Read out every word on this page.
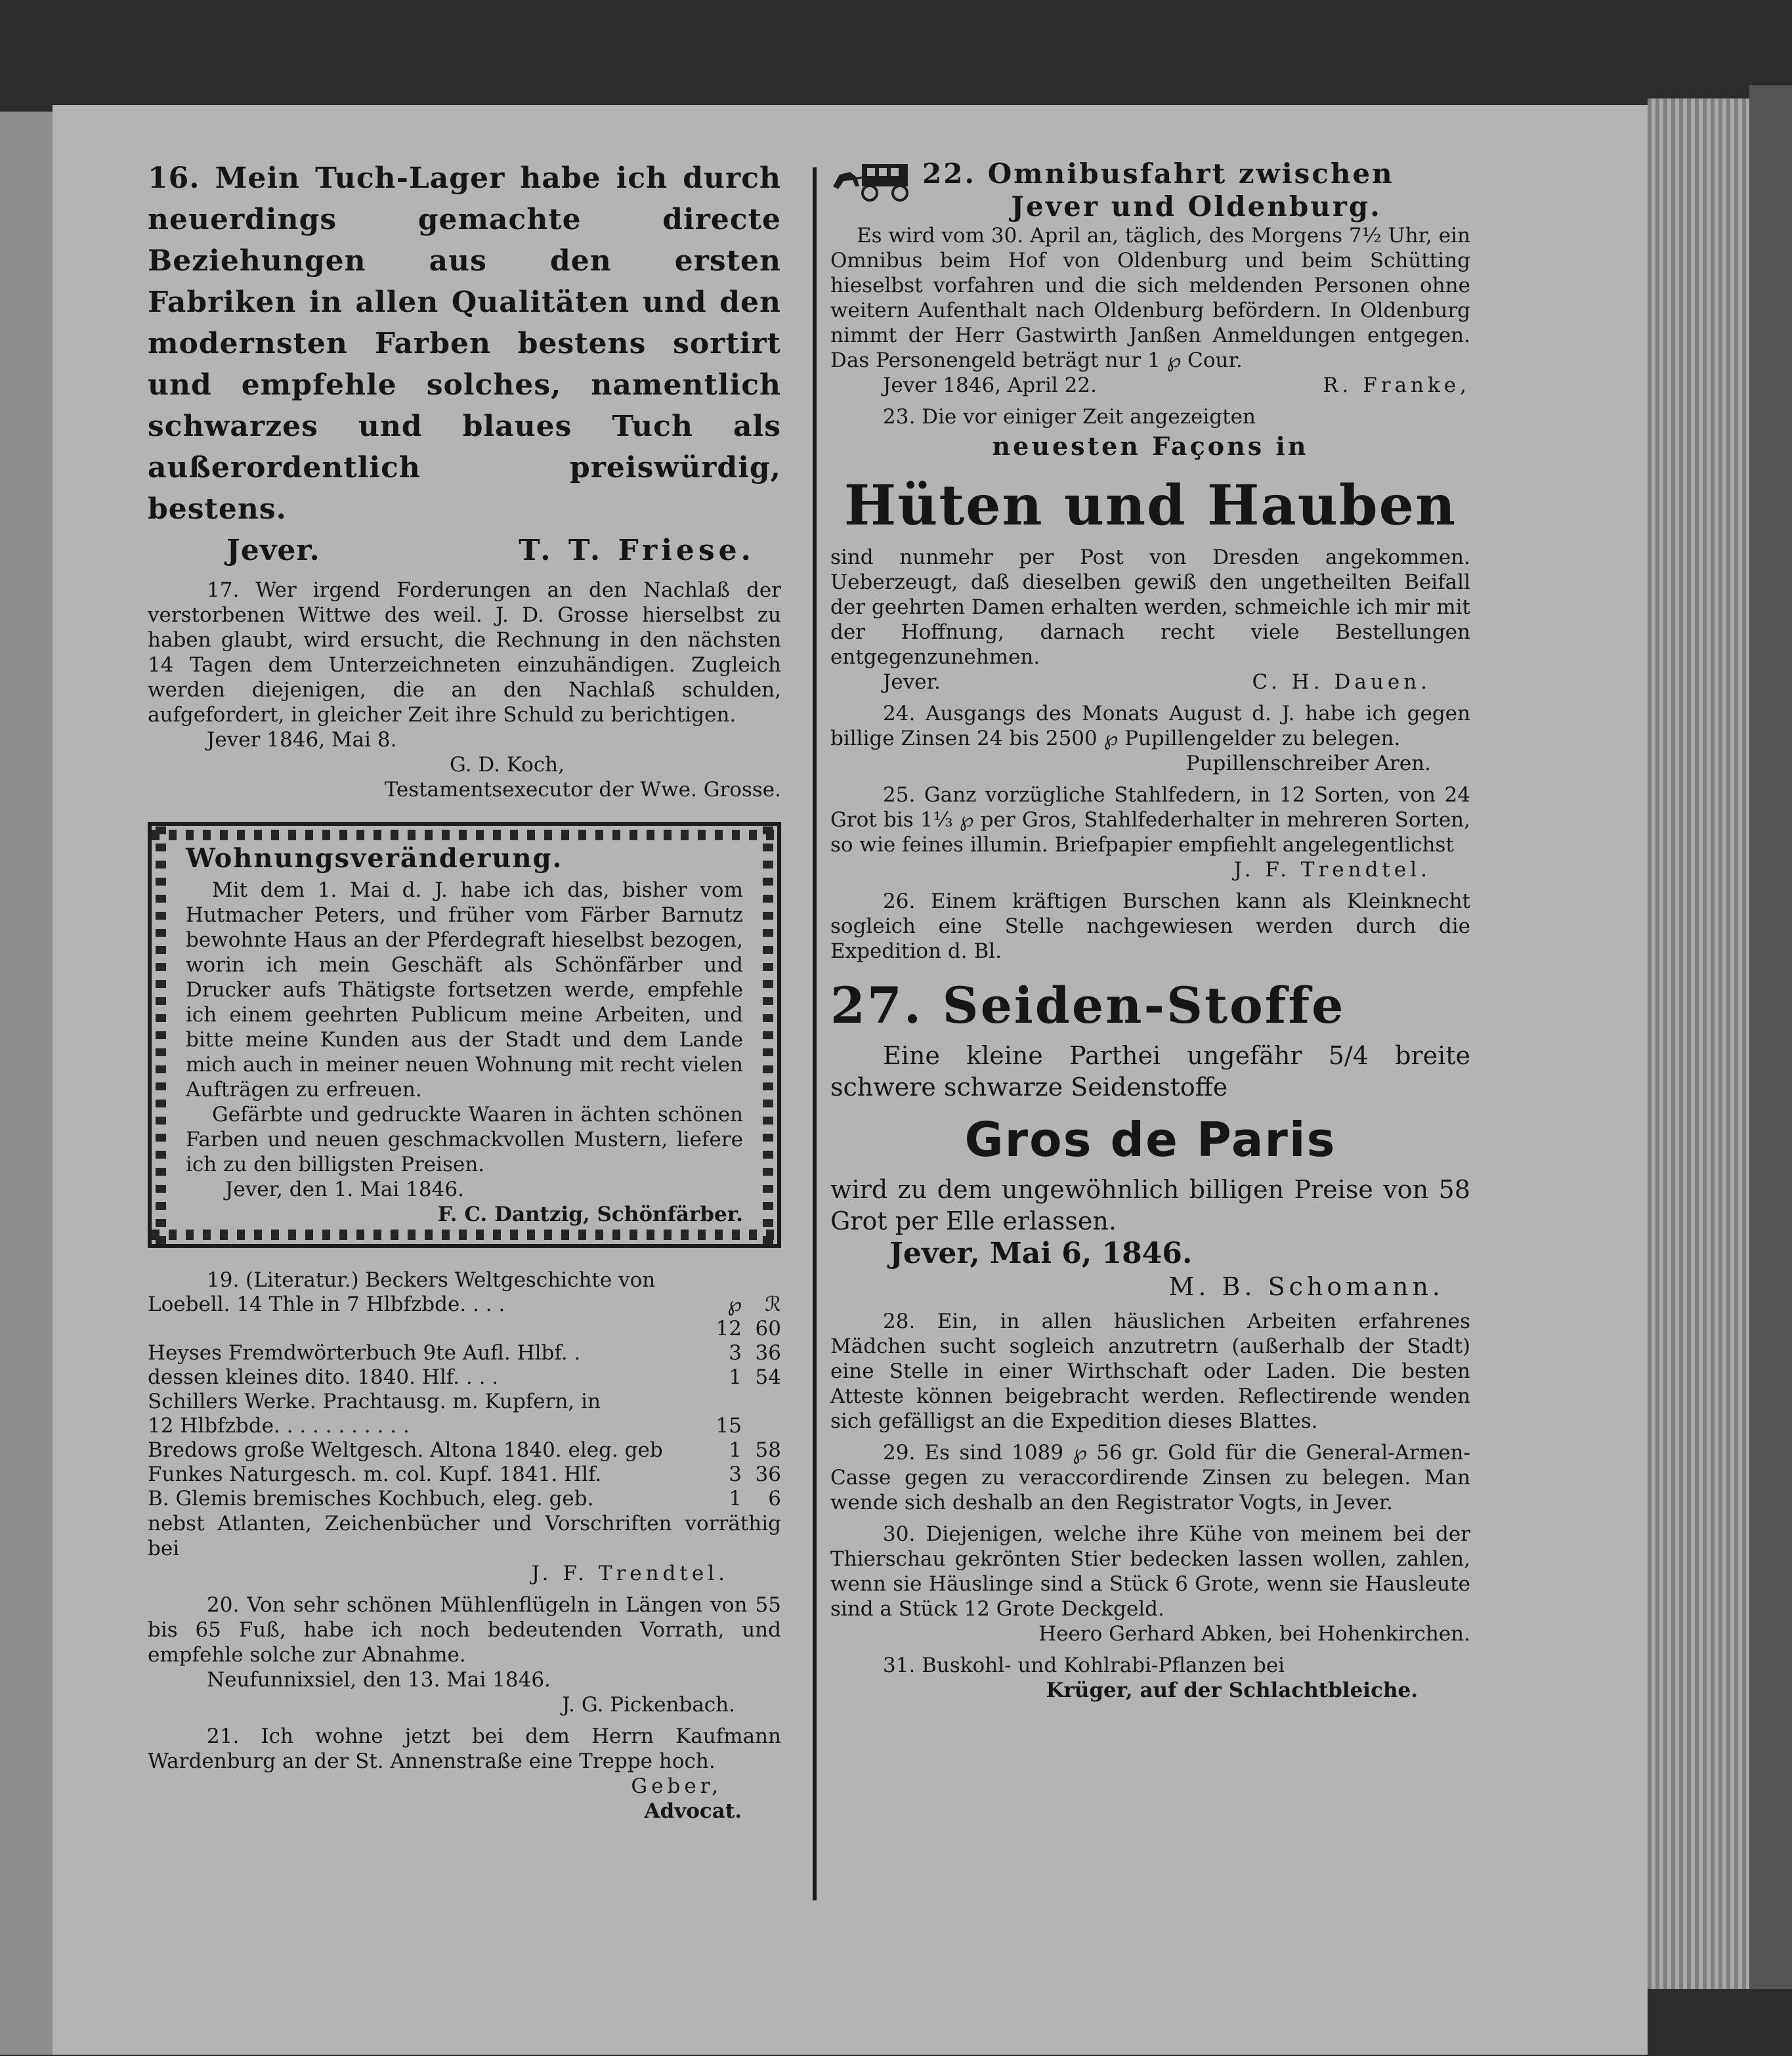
16. Mein Tuch-Lager habe ich durch neuerdings gemachte directe Beziehungen aus den ersten Fabriken in allen Qualitäten und den modernsten Farben bestens sortirt und empfehle solches, namentlich schwarzes und blaues Tuch als außerordentlich preiswürdig, bestens.

Jever.	T. T. Friese.

17. Wer irgend Forderungen an den Nachlaß der verstorbenen Wittwe des weil. J. D. Grosse hierselbst zu haben glaubt, wird ersucht, die Rechnung in den nächsten 14 Tagen dem Unterzeichneten einzuhändigen. Zugleich werden diejenigen, die an den Nachlaß schulden, aufgefordert, in gleicher Zeit ihre Schuld zu berichtigen.

Jever 1846, Mai 8.

G. D. Koch,

Testamentsexecutor der Wwe. Grosse.

Wohnungsveränderung.

Mit dem 1. Mai d. J. habe ich das, bisher vom Hutmacher Peters, und früher vom Färber Barnutz bewohnte Haus an der Pferdegraft hieselbst bezogen, worin ich mein Geschäft als Schönfärber und Drucker aufs Thätigste fortsetzen werde, empfehle ich einem geehrten Publicum meine Arbeiten, und bitte meine Kunden aus der Stadt und dem Lande mich auch in meiner neuen Wohnung mit recht vielen Aufträgen zu erfreuen.

Gefärbte und gedruckte Waaren in ächten schönen Farben und neuen geschmackvollen Mustern, liefere ich zu den billigsten Preisen.

Jever, den 1. Mai 1846.

F. C. Dantzig, Schönfärber.

19. (Literatur.) Beckers Weltgeschichte von

Loebell. 14 Thle in 7 Hlbfzbde. . . .	℘ 12	ℛ 60
Heyses Fremdwörterbuch 9te Aufl. Hlbf. .	3	36
dessen kleines dito. 1840. Hlf. . . .	1	54
Schillers Werke. Prachtausg. m. Kupfern, in		
12 Hlbfzbde. . . . . . . . . . .	15	
Bredows große Weltgesch. Altona 1840. eleg. geb	1	58
Funkes Naturgesch. m. col. Kupf. 1841. Hlf.	3	36
B. Glemis bremisches Kochbuch, eleg. geb.	1	6

nebst Atlanten, Zeichenbücher und Vorschriften vorräthig bei

J. F. Trendtel.

20. Von sehr schönen Mühlenflügeln in Längen von 55 bis 65 Fuß, habe ich noch bedeutenden Vorrath, und empfehle solche zur Abnahme.

Neufunnixsiel, den 13. Mai 1846.

J. G. Pickenbach.

21. Ich wohne jetzt bei dem Herrn Kaufmann Wardenburg an der St. Annenstraße eine Treppe hoch.

Geber,

Advocat.

22. Omnibusfahrt zwischen
Jever und Oldenburg.

Es wird vom 30. April an, täglich, des Morgens 7½ Uhr, ein Omnibus beim Hof von Oldenburg und beim Schütting hieselbst vorfahren und die sich meldenden Personen ohne weitern Aufenthalt nach Oldenburg befördern. In Oldenburg nimmt der Herr Gastwirth Janßen Anmeldungen entgegen. Das Personengeld beträgt nur 1 ℘ Cour.

Jever 1846, April 22.	R. Franke,

23. Die vor einiger Zeit angezeigten

neuesten Façons in
Hüten und Hauben

sind nunmehr per Post von Dresden angekommen. Ueberzeugt, daß dieselben gewiß den ungetheilten Beifall der geehrten Damen erhalten werden, schmeichle ich mir mit der Hoffnung, darnach recht viele Bestellungen entgegenzunehmen.

Jever.	C. H. Dauen.

24. Ausgangs des Monats August d. J. habe ich gegen billige Zinsen 24 bis 2500 ℘ Pupillengelder zu belegen.

Pupillenschreiber Aren.

25. Ganz vorzügliche Stahlfedern, in 12 Sorten, von 24 Grot bis 1⅓ ℘ per Gros, Stahlfederhalter in mehreren Sorten, so wie feines illumin. Briefpapier empfiehlt angelegentlichst

J. F. Trendtel.

26. Einem kräftigen Burschen kann als Kleinknecht sogleich eine Stelle nachgewiesen werden durch die Expedition d. Bl.

27. Seiden-Stoffe

Eine kleine Parthei ungefähr 5/4 breite schwere schwarze Seidenstoffe

Gros de Paris

wird zu dem ungewöhnlich billigen Preise von 58 Grot per Elle erlassen.

Jever, Mai 6, 1846.

M. B. Schomann.

28. Ein, in allen häuslichen Arbeiten erfahrenes Mädchen sucht sogleich anzutretrn (außerhalb der Stadt) eine Stelle in einer Wirthschaft oder Laden. Die besten Atteste können beigebracht werden. Reflectirende wenden sich gefälligst an die Expedition dieses Blattes.

29. Es sind 1089 ℘ 56 gr. Gold für die General-Armen-Casse gegen zu veraccordirende Zinsen zu belegen. Man wende sich deshalb an den Registrator Vogts, in Jever.

30. Diejenigen, welche ihre Kühe von meinem bei der Thierschau gekrönten Stier bedecken lassen wollen, zahlen, wenn sie Häuslinge sind a Stück 6 Grote, wenn sie Hausleute sind a Stück 12 Grote Deckgeld.

Heero Gerhard Abken, bei Hohenkirchen.

31. Buskohl- und Kohlrabi-Pflanzen bei

Krüger, auf der Schlachtbleiche.
